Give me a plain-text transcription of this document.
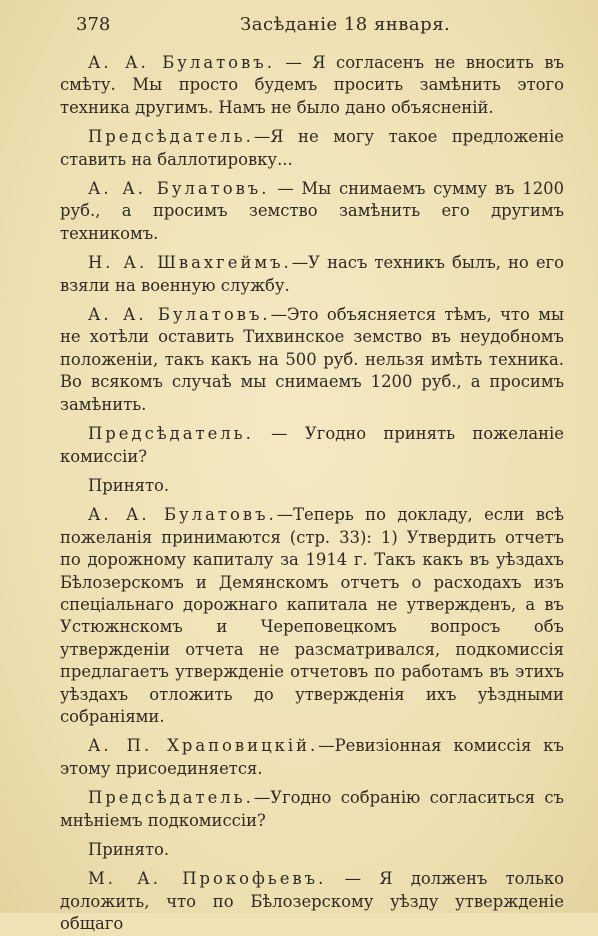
378	Засѣданіе 18 января.

А. А. Булатовъ. — Я согласенъ не вносить въ смѣту. Мы просто будемъ просить замѣнить этого техника другимъ. Намъ не было дано объясненій.

Предсѣдатель.—Я не могу такое предложеніе ставить на баллотировку...

А. А. Булатовъ. — Мы снимаемъ сумму въ 1200 руб., а просимъ земство замѣнить его другимъ техникомъ.

Н. А. Швахгеймъ.—У насъ техникъ былъ, но его взяли на военную службу.

А. А. Булатовъ.—Это объясняется тѣмъ, что мы не хотѣли оставить Тихвинское земство въ неудобномъ положеніи, такъ какъ на 500 руб. нельзя имѣть техника. Во всякомъ случаѣ мы снимаемъ 1200 руб., а просимъ замѣнить.

Предсѣдатель. — Угодно принять пожеланіе комиссіи?

Принято.

А. А. Булатовъ.—Теперь по докладу, если всѣ пожеланія принимаются (стр. 33): 1) Утвердить отчетъ по дорожному капиталу за 1914 г. Такъ какъ въ уѣздахъ Бѣлозерскомъ и Демянскомъ отчетъ о расходахъ изъ спеціальнаго дорожнаго капитала не утвержденъ, а въ Устюжнскомъ и Череповецкомъ вопросъ объ утвержденіи отчета не разсматривался, подкомиссія предлагаетъ утвержденіе отчетовъ по работамъ въ этихъ уѣздахъ отложить до утвержденія ихъ уѣздными собраніями.

А. П. Храповицкій.—Ревизіонная комиссія къ этому присоединяется.

Предсѣдатель.—Угодно собранію согласиться съ мнѣніемъ подкомиссіи?

Принято.

М. А. Прокофьевъ. — Я долженъ только доложить, что по Бѣлозерскому уѣзду утвержденіе общаго
